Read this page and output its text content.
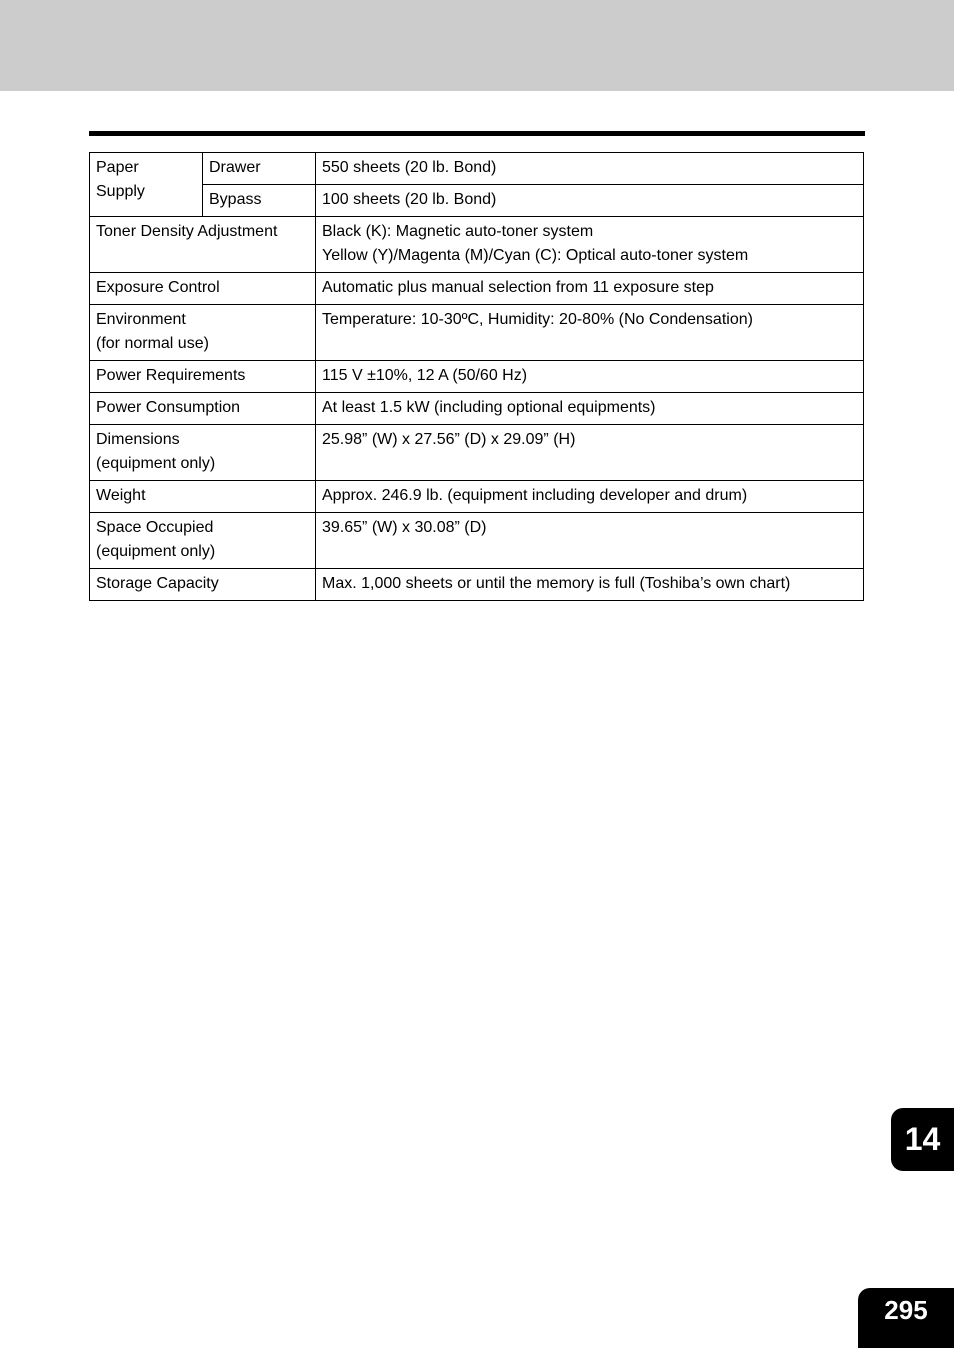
Paper
Supply	Drawer	550 sheets (20 lb. Bond)
	Bypass	100 sheets (20 lb. Bond)

Toner Density Adjustment		Black (K): Magnetic auto-toner system
Yellow (Y)/Magenta (M)/Cyan (C): Optical auto-toner system

Exposure Control		Automatic plus manual selection from 11 exposure step

Environment
(for normal use)		Temperature: 10-30ºC, Humidity: 20-80% (No Condensation)

Power Requirements		115 V ±10%, 12 A (50/60 Hz)

Power Consumption		At least 1.5 kW (including optional equipments)

Dimensions
(equipment only)		25.98” (W) x 27.56” (D) x 29.09” (H)

Weight		Approx. 246.9 lb. (equipment including developer and drum)

Space Occupied
(equipment only)		39.65” (W) x 30.08” (D)

Storage Capacity		Max. 1,000 sheets or until the memory is full (Toshiba’s own chart)
14
295
